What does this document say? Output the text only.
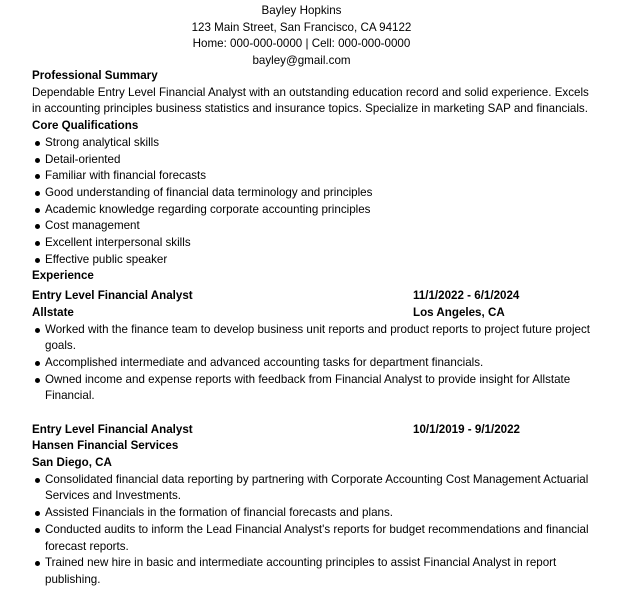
Bayley Hopkins
123 Main Street, San Francisco, CA 94122
Home: 000-000-0000 | Cell: 000-000-0000
bayley@gmail.com
Professional Summary

Dependable Entry Level Financial Analyst with an outstanding education record and solid experience. Excels in accounting principles business statistics and insurance topics. Specialize in marketing SAP and financials.

Core Qualifications
Strong analytical skills
Detail-oriented
Familiar with financial forecasts
Good understanding of financial data terminology and principles
Academic knowledge regarding corporate accounting principles
Cost management
Excellent interpersonal skills
Effective public speaker
Experience
Entry Level Financial Analyst	11/1/2022 - 6/1/2024
Allstate	Los Angeles, CA
Worked with the finance team to develop business unit reports and product reports to project future project goals.
Accomplished intermediate and advanced accounting tasks for department financials.
Owned income and expense reports with feedback from Financial Analyst to provide insight for Allstate Financial.
Entry Level Financial Analyst	10/1/2019 - 9/1/2022
Hansen Financial Services
San Diego, CA
Consolidated financial data reporting by partnering with Corporate Accounting Cost Management Actuarial Services and Investments.
Assisted Financials in the formation of financial forecasts and plans.
Conducted audits to inform the Lead Financial Analyst's reports for budget recommendations and financial forecast reports.
Trained new hire in basic and intermediate accounting principles to assist Financial Analyst in report publishing.
